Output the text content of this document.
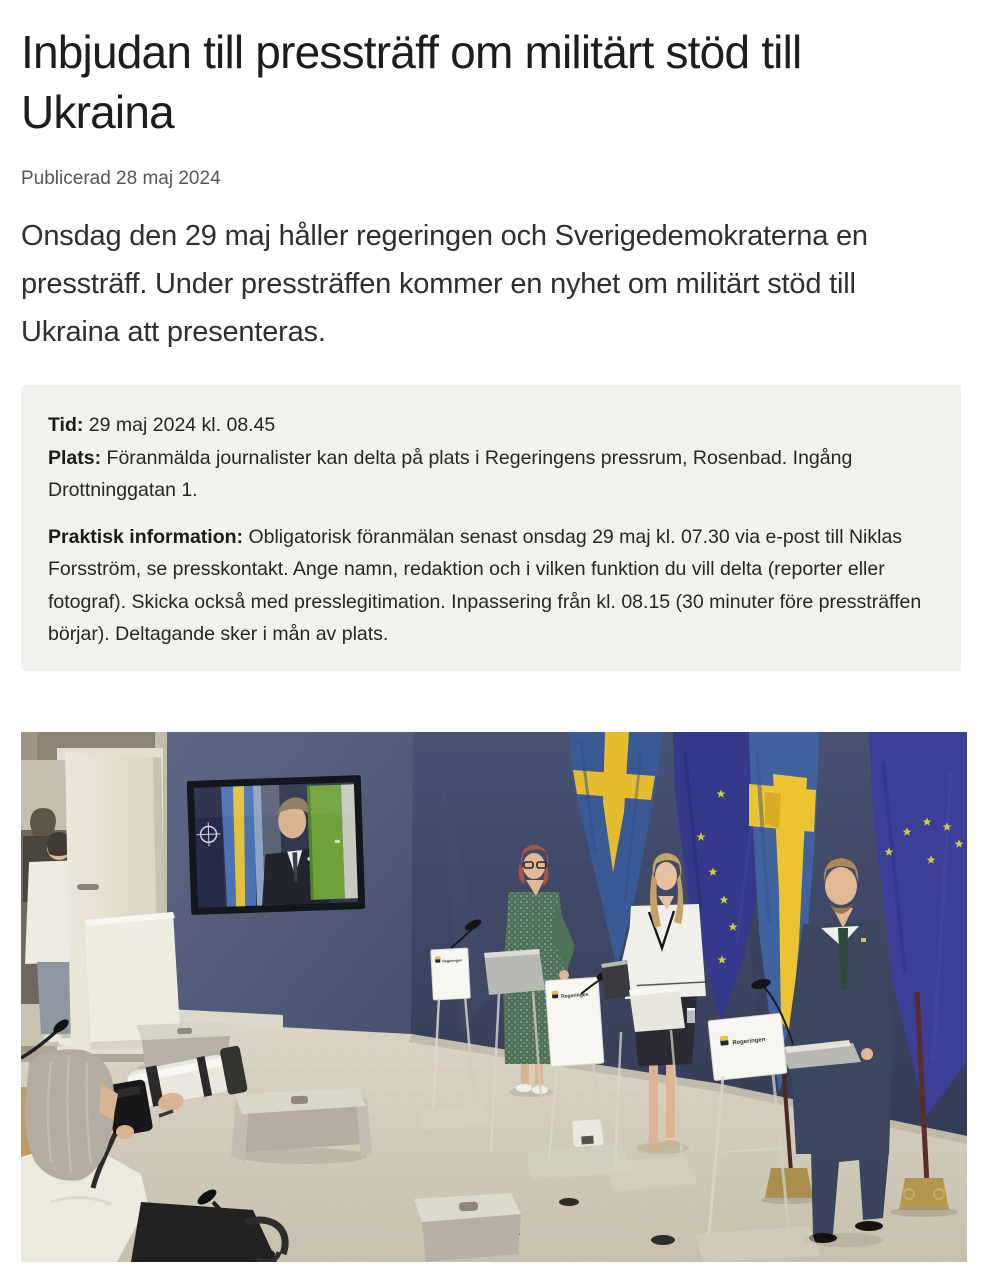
Inbjudan till pressträff om militärt stöd till Ukraina
Publicerad 28 maj 2024

Onsdag den 29 maj håller regeringen och Sverigedemokraterna en pressträff. Under pressträffen kommer en nyhet om militärt stöd till Ukraina att presenteras.

Tid: 29 maj 2024 kl. 08.45
Plats: Föranmälda journalister kan delta på plats i Regeringens pressrum, Rosenbad. Ingång Drottninggatan 1.

Praktisk information: Obligatorisk föranmälan senast onsdag 29 maj kl. 07.30 via e-post till Niklas Forsström, se presskontakt. Ange namn, redaktion och i vilken funktion du vill delta (reporter eller fotograf). Skicka också med presslegitimation. Inpassering från kl. 08.15 (30 minuter före pressträffen börjar). Deltagande sker i mån av plats.

Regeringen
Regeringen
Regeringen
